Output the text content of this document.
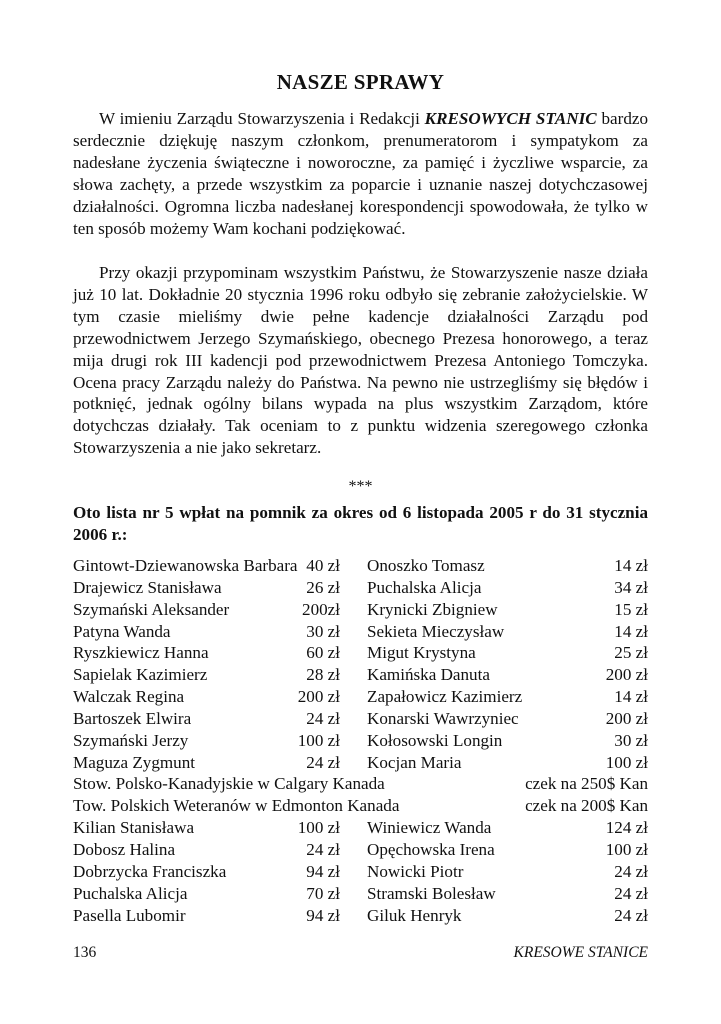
NASZE SPRAWY

W imieniu Zarządu Stowarzyszenia i Redakcji KRESOWYCH STANIC bardzo serdecznie dziękuję naszym członkom, prenumeratorom i sympatykom za nadesłane życzenia świąteczne i noworoczne, za pamięć i życzliwe wsparcie, za słowa zachęty, a przede wszystkim za poparcie i uznanie naszej dotychczasowej działalności. Ogromna liczba nadesłanej korespondencji spowodowała, że tylko w ten sposób możemy Wam kochani podziękować.

Przy okazji przypominam wszystkim Państwu, że Stowarzyszenie nasze działa już 10 lat. Dokładnie 20 stycznia 1996 roku odbyło się zebranie założycielskie. W tym czasie mieliśmy dwie pełne kadencje działalności Zarządu pod przewodnictwem Jerzego Szymańskiego, obecnego Prezesa honorowego, a teraz mija drugi rok III kadencji pod przewodnictwem Prezesa Antoniego Tomczyka. Ocena pracy Zarządu należy do Państwa. Na pewno nie ustrzegliśmy się błędów i potknięć, jednak ogólny bilans wypada na plus wszystkim Zarządom, które dotychczas działały. Tak oceniam to z punktu widzenia szeregowego członka Stowarzyszenia a nie jako sekretarz.

***
Oto lista nr 5 wpłat na pomnik za okres od 6 listopada 2005 r do 31 stycznia 2006 r.:
Gintowt-Dziewanowska Barbara 40 zł Onoszko Tomasz	14 zł
Drajewicz Stanisława	26 zł Puchalska Alicja	34 zł
Szymański Aleksander	200zł Krynicki Zbigniew	15 zł
Patyna Wanda	30 zł Sekieta Mieczysław	14 zł
Ryszkiewicz Hanna	60 zł Migut Krystyna	25 zł
Sapielak Kazimierz	28 zł Kamińska Danuta	200 zł
Walczak Regina	200 zł Zapałowicz Kazimierz	14 zł
Bartoszek Elwira	24 zł Konarski Wawrzyniec	200 zł
Szymański Jerzy	100 zł Kołosowski Longin	30 zł
Maguza Zygmunt	24 zł Kocjan Maria	100 zł
Stow. Polsko-Kanadyjskie w Calgary Kanada	czek na 250$ Kan
Tow. Polskich Weteranów w Edmonton Kanada	czek na 200$ Kan
Kilian Stanisława	100 zł Winiewicz Wanda	124 zł
Dobosz Halina	24 zł Opęchowska Irena	100 zł
Dobrzycka Franciszka	94 zł Nowicki Piotr	24 zł
Puchalska Alicja	70 zł Stramski Bolesław	24 zł
Pasella Lubomir	94 zł Giluk Henryk	24 zł
136	KRESOWE STANICE
